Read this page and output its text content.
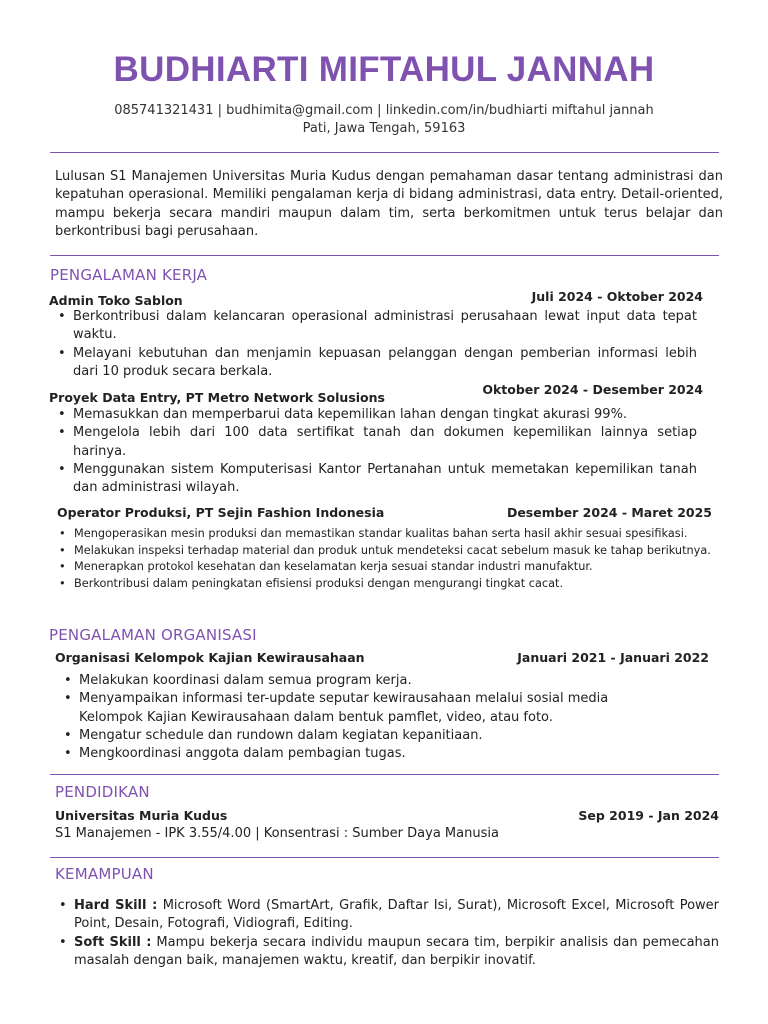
BUDHIARTI MIFTAHUL JANNAH
085741321431 | budhimita@gmail.com | linkedin.com/in/budhiarti miftahul jannah
Pati, Jawa Tengah, 59163

Lulusan S1 Manajemen Universitas Muria Kudus dengan pemahaman dasar tentang administrasi dan kepatuhan operasional. Memiliki pengalaman kerja di bidang administrasi, data entry. Detail-oriented, mampu bekerja secara mandiri maupun dalam tim, serta berkomitmen untuk terus belajar dan berkontribusi bagi perusahaan.

PENGALAMAN KERJA
Admin Toko Sablon	Juli 2024 - Oktober 2024
• Berkontribusi dalam kelancaran operasional administrasi perusahaan lewat input data tepat waktu.
• Melayani kebutuhan dan menjamin kepuasan pelanggan dengan pemberian informasi lebih dari 10 produk secara berkala.
Proyek Data Entry, PT Metro Network Solusions
Oktober 2024 - Desember 2024
• Memasukkan dan memperbarui data kepemilikan lahan dengan tingkat akurasi 99%.
• Mengelola lebih dari 100 data sertifikat tanah dan dokumen kepemilikan lainnya setiap harinya.
• Menggunakan sistem Komputerisasi Kantor Pertanahan untuk memetakan kepemilikan tanah dan administrasi wilayah.
Operator Produksi, PT Sejin Fashion Indonesia	Desember 2024 - Maret 2025
• Mengoperasikan mesin produksi dan memastikan standar kualitas bahan serta hasil akhir sesuai spesifikasi.
• Melakukan inspeksi terhadap material dan produk untuk mendeteksi cacat sebelum masuk ke tahap berikutnya.
• Menerapkan protokol kesehatan dan keselamatan kerja sesuai standar industri manufaktur.
• Berkontribusi dalam peningkatan efisiensi produksi dengan mengurangi tingkat cacat.
PENGALAMAN ORGANISASI
Organisasi Kelompok Kajian Kewirausahaan	Januari 2021 - Januari 2022
• Melakukan koordinasi dalam semua program kerja.
• Menyampaikan informasi ter-update seputar kewirausahaan melalui sosial media
Kelompok Kajian Kewirausahaan dalam bentuk pamflet, video, atau foto.
• Mengatur schedule dan rundown dalam kegiatan kepanitiaan.
• Mengkoordinasi anggota dalam pembagian tugas.
PENDIDIKAN
Universitas Muria Kudus	Sep 2019 - Jan 2024
S1 Manajemen - IPK 3.55/4.00 | Konsentrasi : Sumber Daya Manusia
KEMAMPUAN
• Hard Skill : Microsoft Word (SmartArt, Grafik, Daftar Isi, Surat), Microsoft Excel, Microsoft Power Point, Desain, Fotografi, Vidiografi, Editing.
• Soft Skill : Mampu bekerja secara individu maupun secara tim, berpikir analisis dan pemecahan masalah dengan baik, manajemen waktu, kreatif, dan berpikir inovatif.
